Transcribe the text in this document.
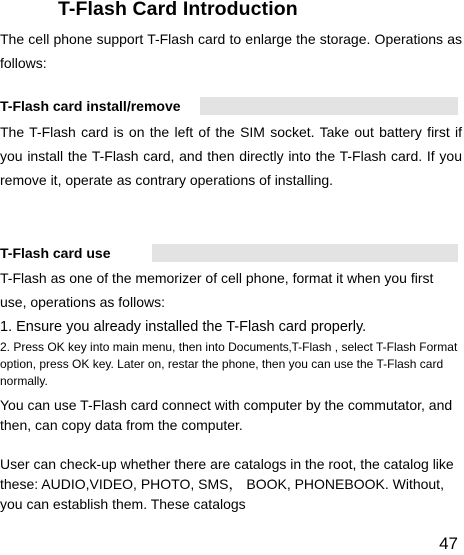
T-Flash Card Introduction
The cell phone support T-Flash card to enlarge the storage. Operations as follows:
T-Flash card install/remove
The T-Flash card is on the left of the SIM socket. Take out battery first if you install the T-Flash card, and then directly into the T-Flash card. If you remove it, operate as contrary operations of installing.
T-Flash card use
T-Flash as one of the memorizer of cell phone, format it when you first use, operations as follows:
1. Ensure you already installed the T-Flash card properly.
2. Press OK key into main menu, then into Documents‚T-Flash , select T-Flash Format option, press OK key. Later on, restar the phone, then you can use the T-Flash card normally.
You can use T-Flash card connect with computer by the commutator, and then, can copy data from the computer.
User can check-up whether there are catalogs in the root, the catalog like these: AUDIO,VIDEO, PHOTO, SMS， BOOK, PHONEBOOK. Without, you can establish them. These catalogs
47
